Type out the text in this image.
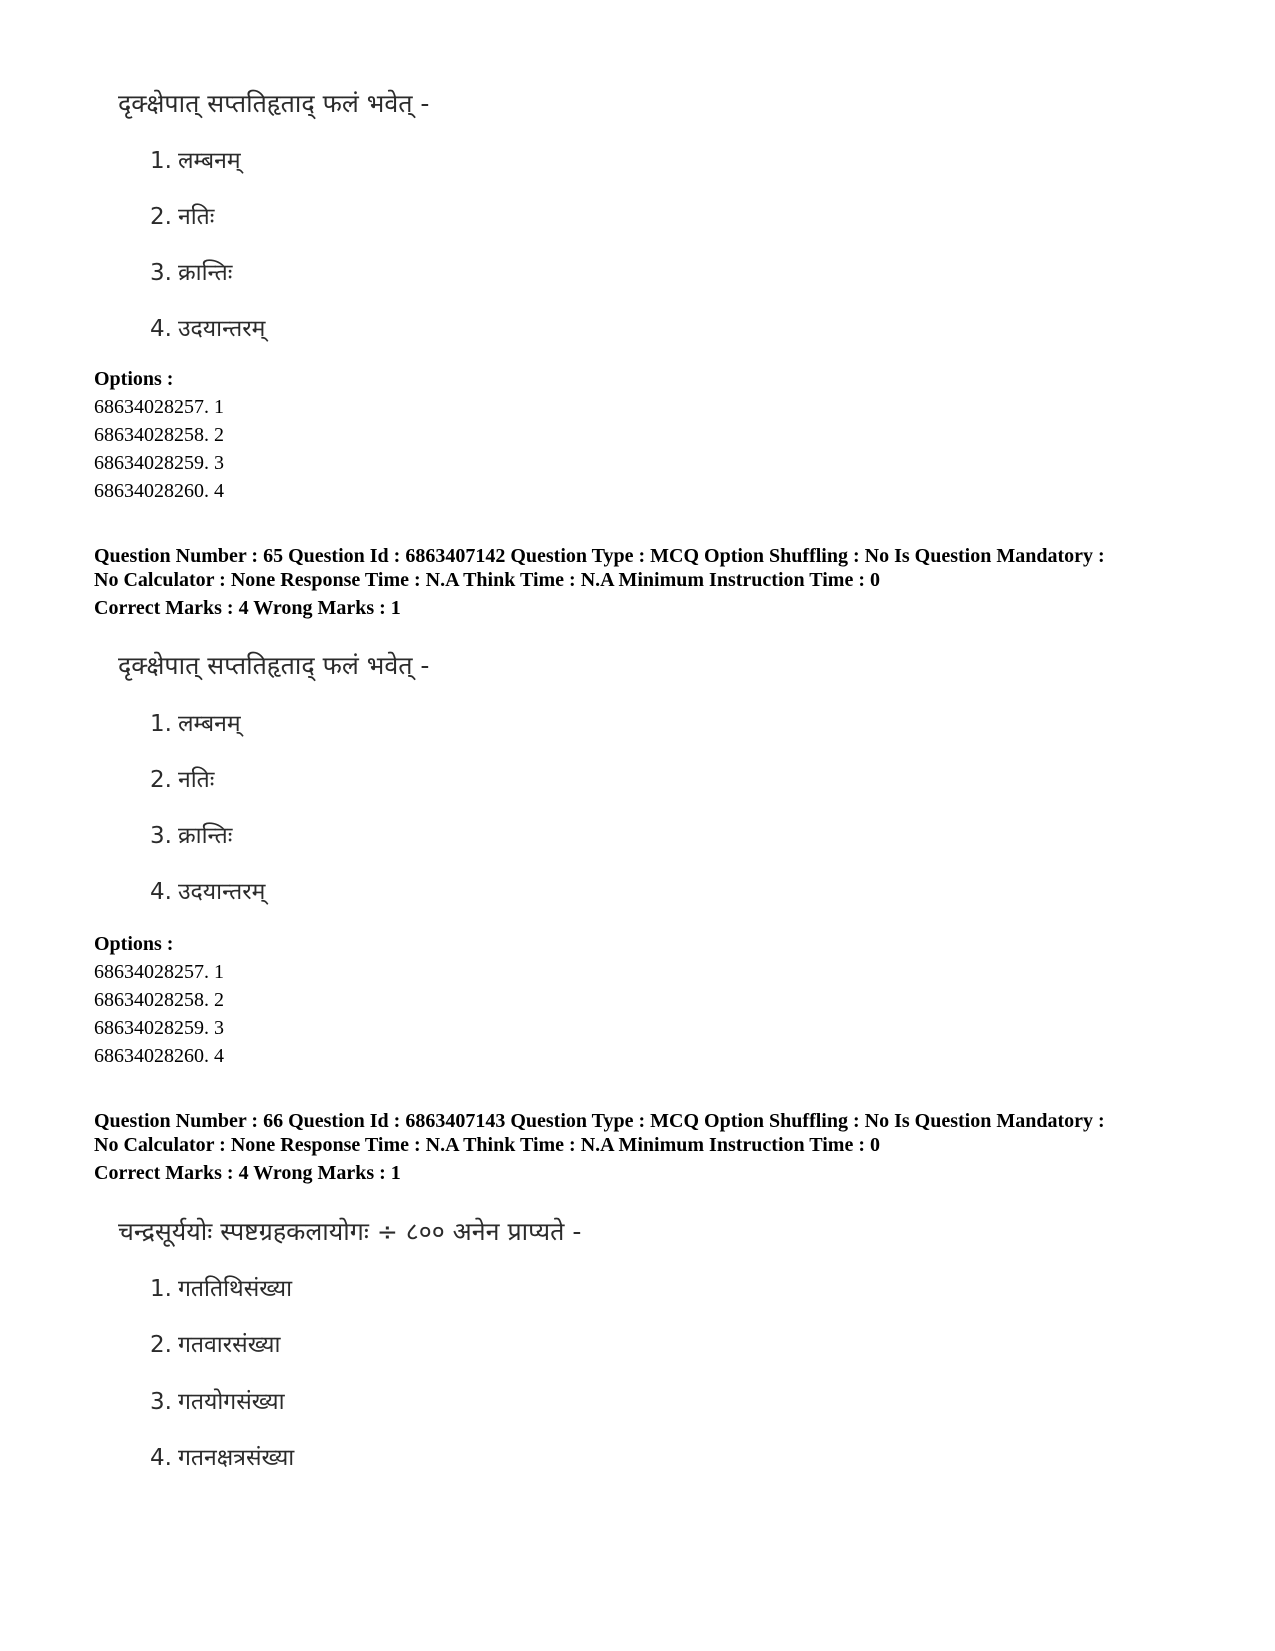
दृक्क्षेपात् सप्ततिहृताद् फलं भवेत् -
1. लम्बनम्
2. नतिः
3. क्रान्तिः
4. उदयान्तरम्
Options :
68634028257. 1
68634028258. 2
68634028259. 3
68634028260. 4
Question Number : 65 Question Id : 6863407142 Question Type : MCQ Option Shuffling : No Is Question Mandatory :
No Calculator : None Response Time : N.A Think Time : N.A Minimum Instruction Time : 0
Correct Marks : 4 Wrong Marks : 1
दृक्क्षेपात् सप्ततिहृताद् फलं भवेत् -
1. लम्बनम्
2. नतिः
3. क्रान्तिः
4. उदयान्तरम्
Options :
68634028257. 1
68634028258. 2
68634028259. 3
68634028260. 4
Question Number : 66 Question Id : 6863407143 Question Type : MCQ Option Shuffling : No Is Question Mandatory :
No Calculator : None Response Time : N.A Think Time : N.A Minimum Instruction Time : 0
Correct Marks : 4 Wrong Marks : 1
चन्द्रसूर्ययोः स्पष्टग्रहकलायोगः ÷ ८०० अनेन प्राप्यते -
1. गततिथिसंख्या
2. गतवारसंख्या
3. गतयोगसंख्या
4. गतनक्षत्रसंख्या
